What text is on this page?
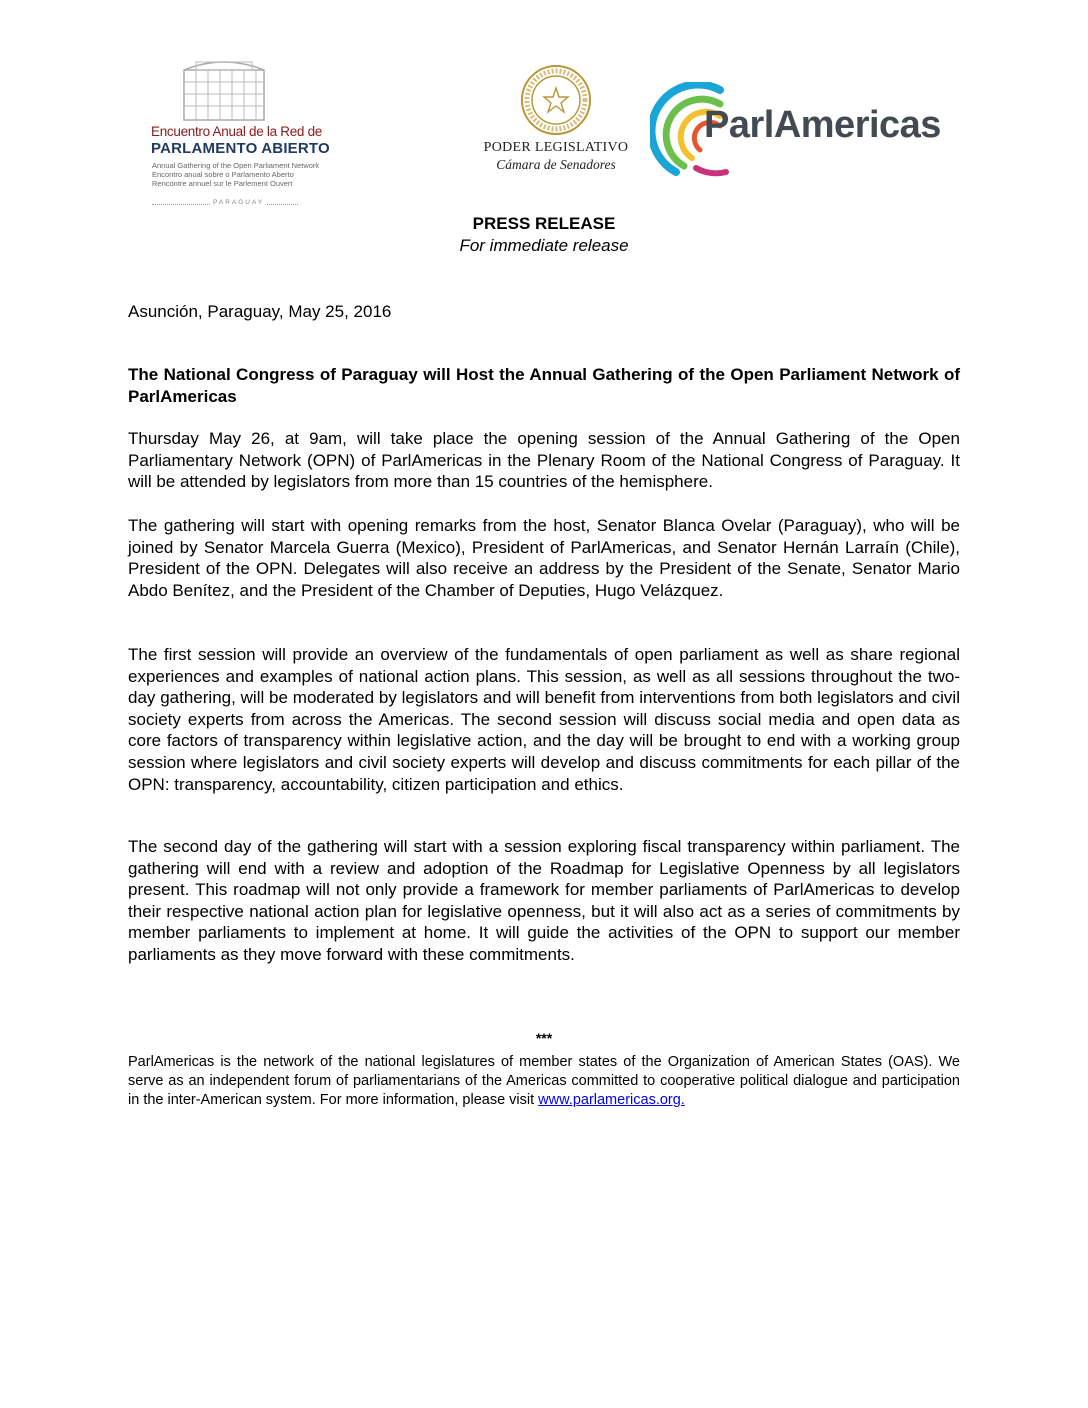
Encuentro Anual de la Red de
PARLAMENTO ABIERTO
Annual Gathering of the Open Parliament Network
Encontro anual sobre o Parlamento Aberto
Rencontre annuel sur le Parlement Ouvert
PARAGUAY
PODER LEGISLATIVO
Cámara de Senadores
ParlAmericas
PRESS RELEASE
For immediate release
Asunción, Paraguay, May 25, 2016
The National Congress of Paraguay will Host the Annual Gathering of the Open Parliament Network of ParlAmericas
Thursday May 26, at 9am, will take place the opening session of the Annual Gathering of the Open Parliamentary Network (OPN) of ParlAmericas in the Plenary Room of the National Congress of Paraguay. It will be attended by legislators from more than 15 countries of the hemisphere.
The gathering will start with opening remarks from the host, Senator Blanca Ovelar (Paraguay), who will be joined by Senator Marcela Guerra (Mexico), President of ParlAmericas, and Senator Hernán Larraín (Chile), President of the OPN. Delegates will also receive an address by the President of the Senate, Senator Mario Abdo Benítez, and the President of the Chamber of Deputies, Hugo Velázquez.
The first session will provide an overview of the fundamentals of open parliament as well as share regional experiences and examples of national action plans. This session, as well as all sessions throughout the two-day gathering, will be moderated by legislators and will benefit from interventions from both legislators and civil society experts from across the Americas. The second session will discuss social media and open data as core factors of transparency within legislative action, and the day will be brought to end with a working group session where legislators and civil society experts will develop and discuss commitments for each pillar of the OPN: transparency, accountability, citizen participation and ethics.
The second day of the gathering will start with a session exploring fiscal transparency within parliament. The gathering will end with a review and adoption of the Roadmap for Legislative Openness by all legislators present. This roadmap will not only provide a framework for member parliaments of ParlAmericas to develop their respective national action plan for legislative openness, but it will also act as a series of commitments by member parliaments to implement at home. It will guide the activities of the OPN to support our member parliaments as they move forward with these commitments.
***
ParlAmericas is the network of the national legislatures of member states of the Organization of American States (OAS). We serve as an independent forum of parliamentarians of the Americas committed to cooperative political dialogue and participation in the inter-American system. For more information, please visit www.parlamericas.org.
